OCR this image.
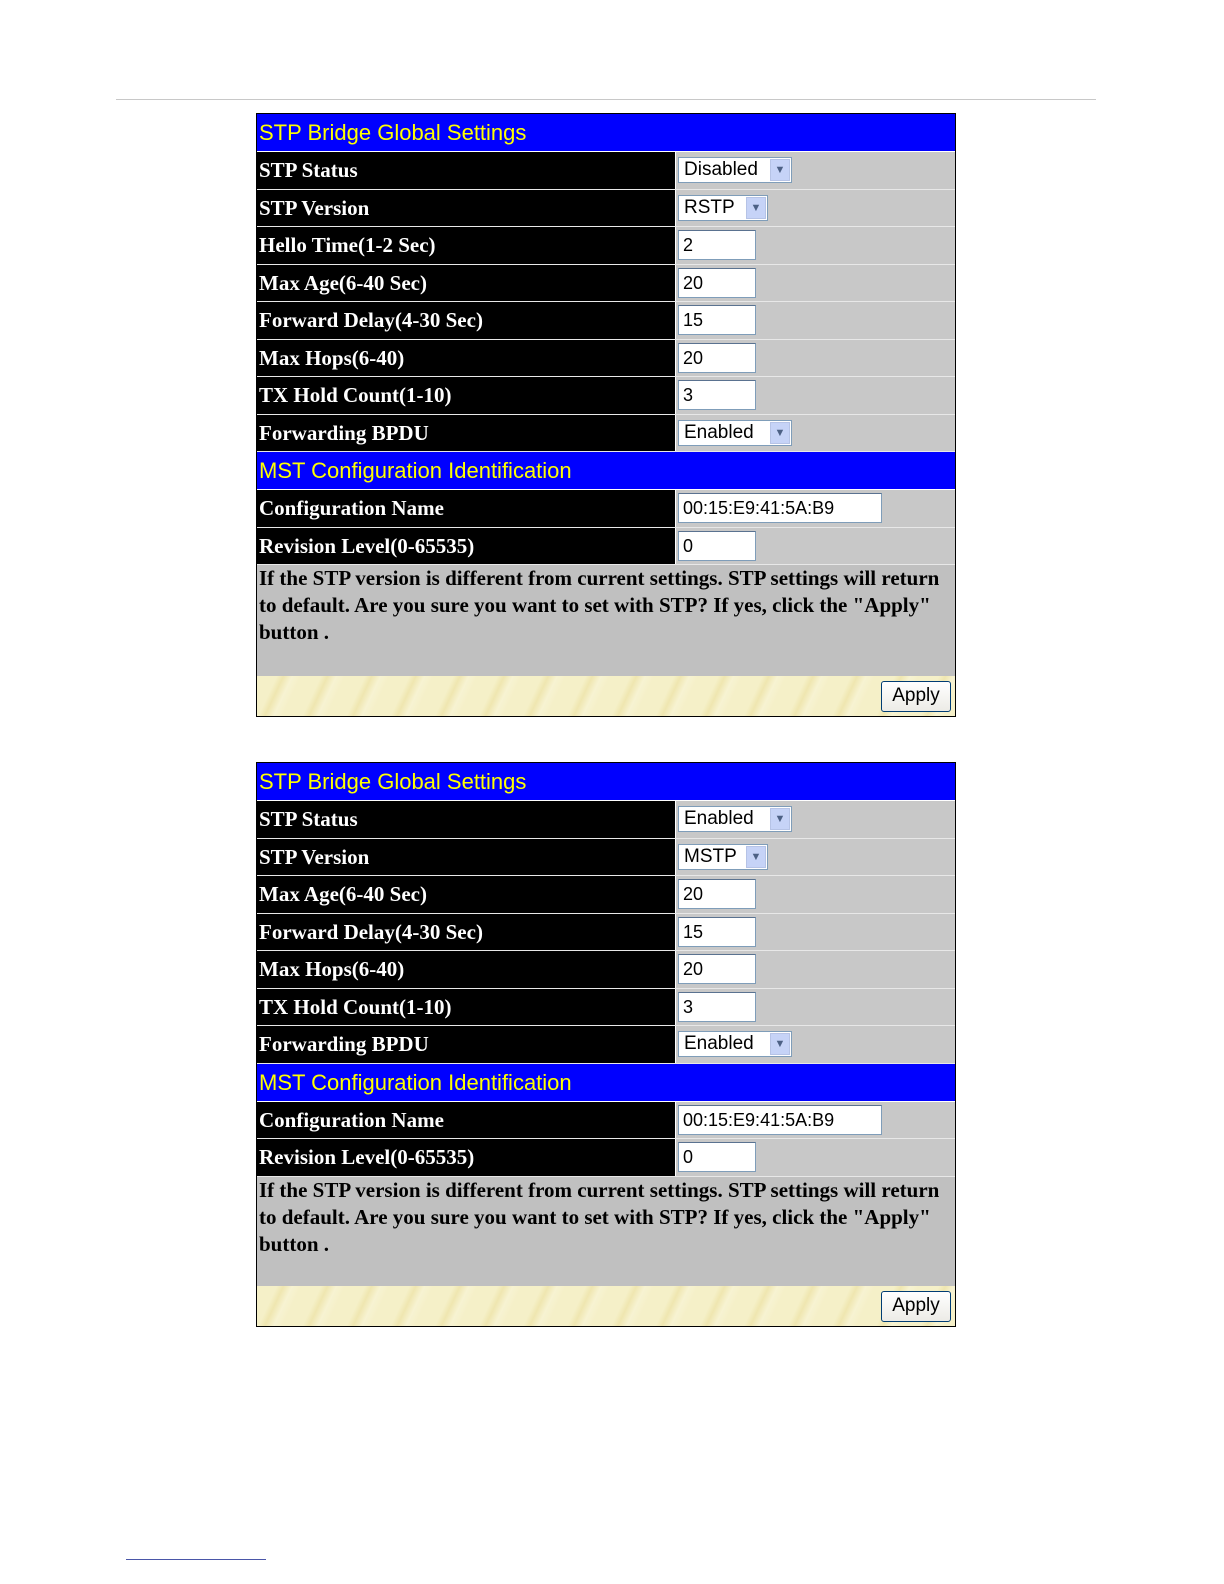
STP Bridge Global Settings
STP Status	Disabled	▼
STP Version	RSTP	▼
Hello Time(1-2 Sec)	2
Max Age(6-40 Sec)	20
Forward Delay(4-30 Sec)	15
Max Hops(6-40)	20
TX Hold Count(1-10)	3
Forwarding BPDU	Enabled	▼
MST Configuration Identification
Configuration Name	00:15:E9:41:5A:B9
Revision Level(0-65535)	0
If the STP version is different from current settings. STP settings will return to default. Are you sure you want to set with STP? If yes, click the "Apply" button .
Apply
STP Bridge Global Settings
STP Status	Enabled	▼
STP Version	MSTP	▼
Max Age(6-40 Sec)	20
Forward Delay(4-30 Sec)	15
Max Hops(6-40)	20
TX Hold Count(1-10)	3
Forwarding BPDU	Enabled	▼
MST Configuration Identification
Configuration Name	00:15:E9:41:5A:B9
Revision Level(0-65535)	0
If the STP version is different from current settings. STP settings will return to default. Are you sure you want to set with STP? If yes, click the "Apply" button .
Apply
